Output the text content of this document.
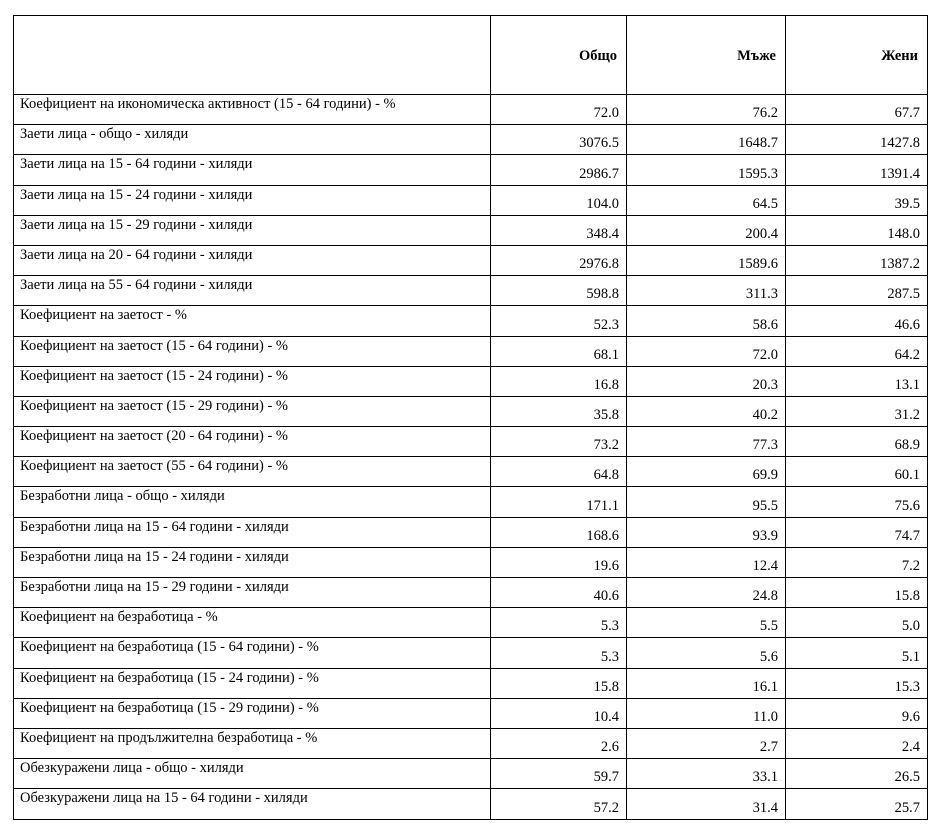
	Общо	Мъже	Жени
Коефициент на икономическа активност (15 - 64 години) - %	72.0	76.2	67.7
Заети лица - общо - хиляди	3076.5	1648.7	1427.8
Заети лица на 15 - 64 години - хиляди	2986.7	1595.3	1391.4
Заети лица на 15 - 24 години - хиляди	104.0	64.5	39.5
Заети лица на 15 - 29 години - хиляди	348.4	200.4	148.0
Заети лица на 20 - 64 години - хиляди	2976.8	1589.6	1387.2
Заети лица на 55 - 64 години - хиляди	598.8	311.3	287.5
Коефициент на заетост - %	52.3	58.6	46.6
Коефициент на заетост (15 - 64 години) - %	68.1	72.0	64.2
Коефициент на заетост (15 - 24 години) - %	16.8	20.3	13.1
Коефициент на заетост (15 - 29 години) - %	35.8	40.2	31.2
Коефициент на заетост (20 - 64 години) - %	73.2	77.3	68.9
Коефициент на заетост (55 - 64 години) - %	64.8	69.9	60.1
Безработни лица - общо - хиляди	171.1	95.5	75.6
Безработни лица на 15 - 64 години - хиляди	168.6	93.9	74.7
Безработни лица на 15 - 24 години - хиляди	19.6	12.4	7.2
Безработни лица на 15 - 29 години - хиляди	40.6	24.8	15.8
Коефициент на безработица - %	5.3	5.5	5.0
Коефициент на безработица (15 - 64 години) - %	5.3	5.6	5.1
Коефициент на безработица (15 - 24 години) - %	15.8	16.1	15.3
Коефициент на безработица (15 - 29 години) - %	10.4	11.0	9.6
Коефициент на продължителна безработица - %	2.6	2.7	2.4
Обезкуражени лица - общо - хиляди	59.7	33.1	26.5
Обезкуражени лица на 15 - 64 години - хиляди	57.2	31.4	25.7
